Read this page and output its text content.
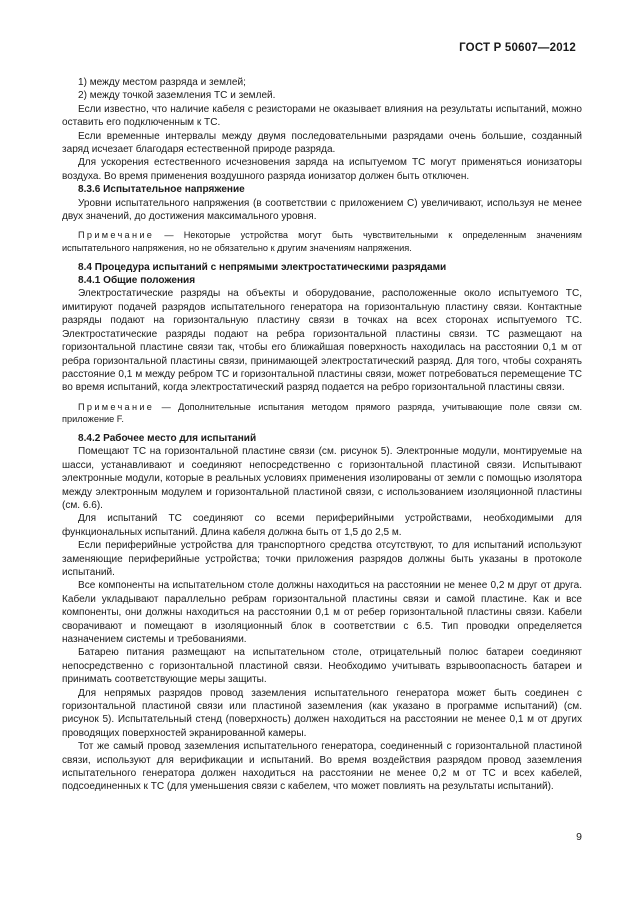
ГОСТ Р 50607—2012

1) между местом разряда и землей;

2) между точкой заземления ТС и землей.

Если известно, что наличие кабеля с резисторами не оказывает влияния на результаты испытаний, можно оставить его подключенным к ТС.

Если временные интервалы между двумя последовательными разрядами очень большие, созданный заряд исчезает благодаря естественной природе разряда.

Для ускорения естественного исчезновения заряда на испытуемом ТС могут применяться ионизаторы воздуха. Во время применения воздушного разряда ионизатор должен быть отключен.

8.3.6 Испытательное напряжение

Уровни испытательного напряжения (в соответствии с приложением С) увеличивают, используя не менее двух значений, до достижения максимального уровня.

Примечание — Некоторые устройства могут быть чувствительными к определенным значениям испытательного напряжения, но не обязательно к другим значениям напряжения.

8.4 Процедура испытаний с непрямыми электростатическими разрядами

8.4.1 Общие положения

Электростатические разряды на объекты и оборудование, расположенные около испытуемого ТС, имитируют подачей разрядов испытательного генератора на горизонтальную пластину связи. Контактные разряды подают на горизонтальную пластину связи в точках на всех сторонах испытуемого ТС. Электростатические разряды подают на ребра горизонтальной пластины связи. ТС размещают на горизонтальной пластине связи так, чтобы его ближайшая поверхность находилась на расстоянии 0,1 м от ребра горизонтальной пластины связи, принимающей электростатический разряд. Для того, чтобы сохранять расстояние 0,1 м между ребром ТС и горизонтальной пластины связи, может потребоваться перемещение ТС во время испытаний, когда электростатический разряд подается на ребро горизонтальной пластины связи.

Примечание — Дополнительные испытания методом прямого разряда, учитывающие поле связи см. приложение F.

8.4.2 Рабочее место для испытаний

Помещают ТС на горизонтальной пластине связи (см. рисунок 5). Электронные модули, монтируемые на шасси, устанавливают и соединяют непосредственно с горизонтальной пластиной связи. Испытывают электронные модули, которые в реальных условиях применения изолированы от земли с помощью изолятора между электронным модулем и горизонтальной пластиной связи, с использованием изоляционной пластины (см. 6.6).

Для испытаний ТС соединяют со всеми периферийными устройствами, необходимыми для функциональных испытаний. Длина кабеля должна быть от 1,5 до 2,5 м.

Если периферийные устройства для транспортного средства отсутствуют, то для испытаний используют заменяющие периферийные устройства; точки приложения разрядов должны быть указаны в протоколе испытаний.

Все компоненты на испытательном столе должны находиться на расстоянии не менее 0,2 м друг от друга. Кабели укладывают параллельно ребрам горизонтальной пластины связи и самой пластине. Как и все компоненты, они должны находиться на расстоянии 0,1 м от ребер горизонтальной пластины связи. Кабели сворачивают и помещают в изоляционный блок в соответствии с 6.5. Тип проводки определяется назначением системы и требованиями.

Батарею питания размещают на испытательном столе, отрицательный полюс батареи соединяют непосредственно с горизонтальной пластиной связи. Необходимо учитывать взрывоопасность батареи и принимать соответствующие меры защиты.

Для непрямых разрядов провод заземления испытательного генератора может быть соединен с горизонтальной пластиной связи или пластиной заземления (как указано в программе испытаний) (см. рисунок 5). Испытательный стенд (поверхность) должен находиться на расстоянии не менее 0,1 м от других проводящих поверхностей экранированной камеры.

Тот же самый провод заземления испытательного генератора, соединенный с горизонтальной пластиной связи, используют для верификации и испытаний. Во время воздействия разрядом провод заземления испытательного генератора должен находиться на расстоянии не менее 0,2 м от ТС и всех кабелей, подсоединенных к ТС (для уменьшения связи с кабелем, что может повлиять на результаты испытаний).

9
